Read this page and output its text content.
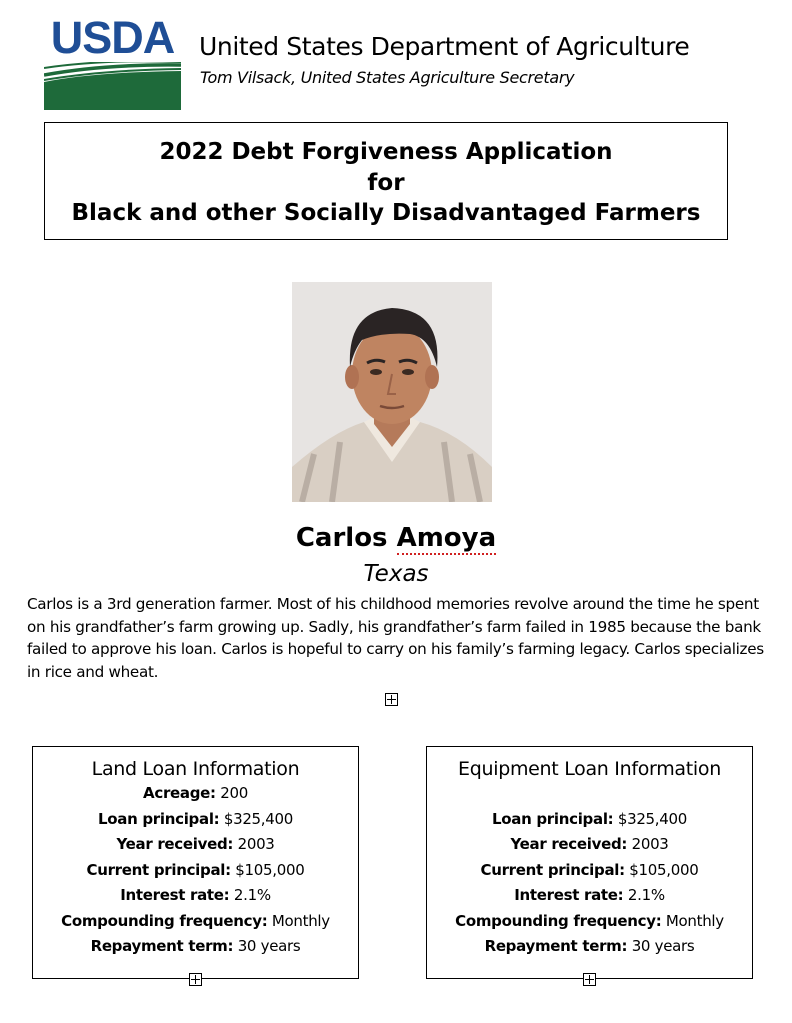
USDA United States Department of Agriculture
Tom Vilsack, United States Agriculture Secretary
2022 Debt Forgiveness Application
for
Black and other Socially Disadvantaged Farmers
Carlos Amoya
Texas
Carlos is a 3rd generation farmer. Most of his childhood memories revolve around the time he spent on his grandfather’s farm growing up. Sadly, his grandfather’s farm failed in 1985 because the bank failed to approve his loan. Carlos is hopeful to carry on his family’s farming legacy. Carlos specializes in rice and wheat.
Land Loan Information
Acreage: 200
Loan principal: $325,400
Year received: 2003
Current principal: $105,000
Interest rate: 2.1%
Compounding frequency: Monthly
Repayment term: 30 years
Equipment Loan Information
Loan principal: $325,400
Year received: 2003
Current principal: $105,000
Interest rate: 2.1%
Compounding frequency: Monthly
Repayment term: 30 years
